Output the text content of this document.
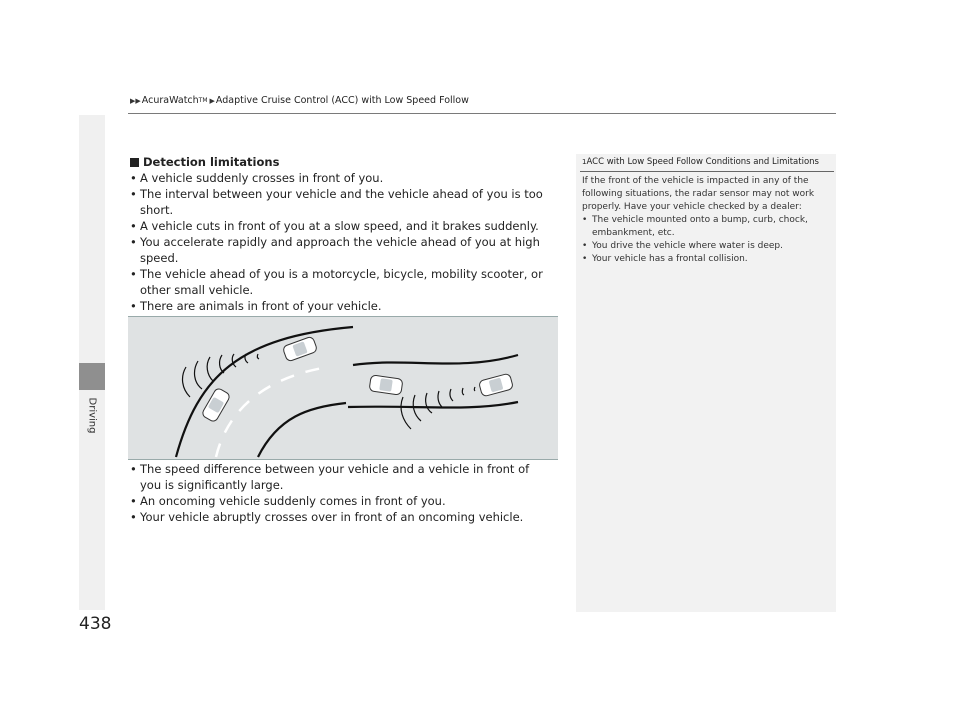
▶ ▶ AcuraWatch TM ▶ Adaptive Cruise Control (ACC) with Low Speed Follow
Driving
Detection limitations
• A vehicle suddenly crosses in front of you.
• The interval between your vehicle and the vehicle ahead of you is too short.
• A vehicle cuts in front of you at a slow speed, and it brakes suddenly.
• You accelerate rapidly and approach the vehicle ahead of you at high speed.
• The vehicle ahead of you is a motorcycle, bicycle, mobility scooter, or other small vehicle.
• There are animals in front of your vehicle.
•
• The speed difference between your vehicle and a vehicle in front of you is significantly large.
• An oncoming vehicle suddenly comes in front of you.
• Your vehicle abruptly crosses over in front of an oncoming vehicle.
1ACC with Low Speed Follow Conditions and Limitations

If the front of the vehicle is impacted in any of the following situations, the radar sensor may not work properly. Have your vehicle checked by a dealer:

• The vehicle mounted onto a bump, curb, chock, embankment, etc.
• You drive the vehicle where water is deep.
• Your vehicle has a frontal collision.
438
